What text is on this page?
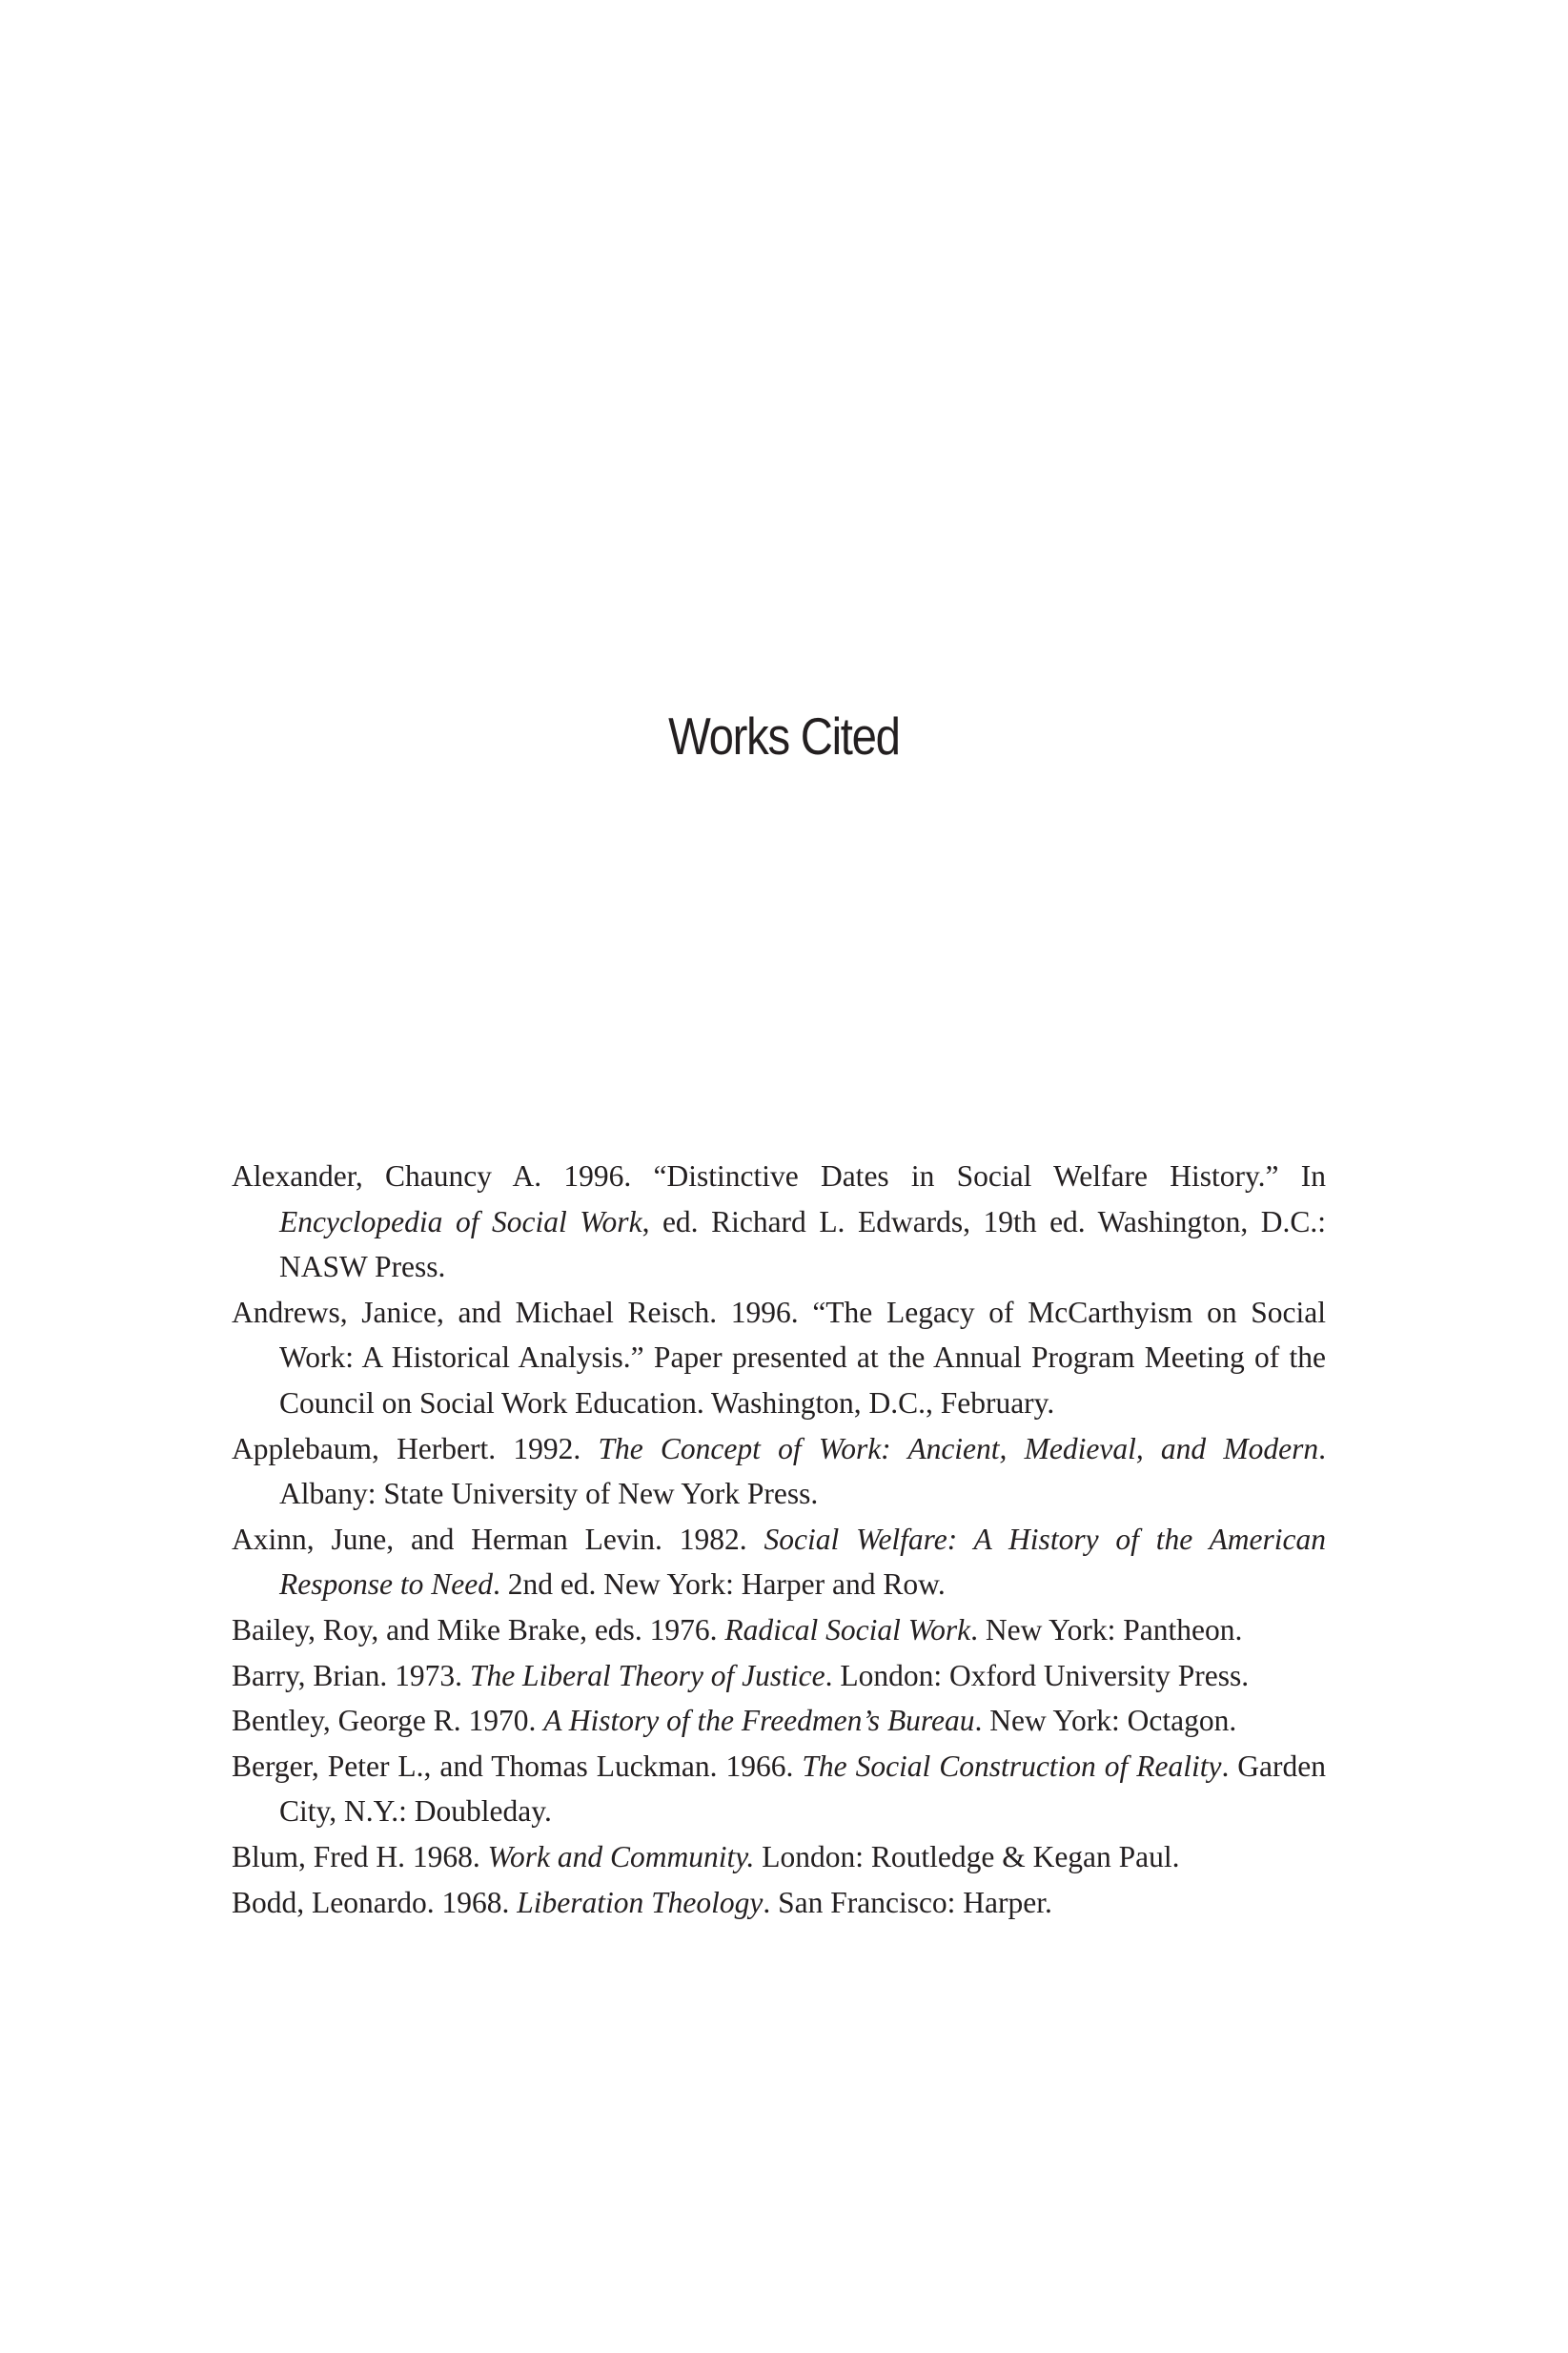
Works Cited

Alexander, Chauncy A. 1996. “Distinctive Dates in Social Welfare History.” In Encyclopedia of Social Work, ed. Richard L. Edwards, 19th ed. Washington, D.C.: NASW Press.

Andrews, Janice, and Michael Reisch. 1996. “The Legacy of McCarthyism on Social Work: A Historical Analysis.” Paper presented at the Annual Program Meeting of the Council on Social Work Education. Washington, D.C., February.

Applebaum, Herbert. 1992. The Concept of Work: Ancient, Medieval, and Modern. Albany: State University of New York Press.

Axinn, June, and Herman Levin. 1982. Social Welfare: A History of the American Response to Need. 2nd ed. New York: Harper and Row.

Bailey, Roy, and Mike Brake, eds. 1976. Radical Social Work. New York: Pantheon.

Barry, Brian. 1973. The Liberal Theory of Justice. London: Oxford University Press.

Bentley, George R. 1970. A History of the Freedmen’s Bureau. New York: Octagon.

Berger, Peter L., and Thomas Luckman. 1966. The Social Construction of Reality. Garden City, N.Y.: Doubleday.

Blum, Fred H. 1968. Work and Community. London: Routledge & Kegan Paul.

Bodd, Leonardo. 1968. Liberation Theology. San Francisco: Harper.
